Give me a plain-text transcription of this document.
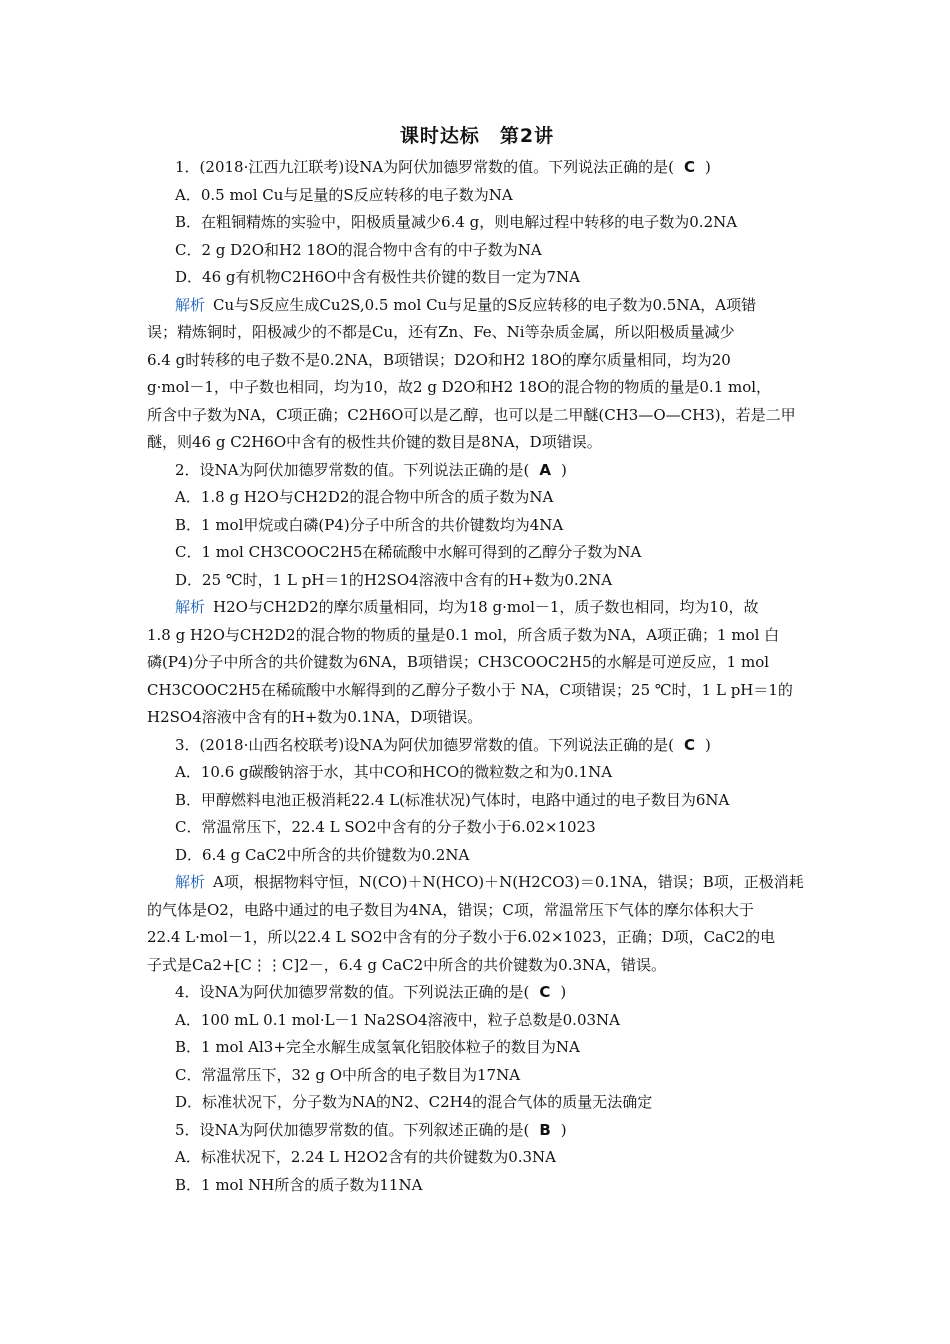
课时达标　第2讲
1．(2018·江西九江联考)设NA为阿伏加德罗常数的值。下列说法正确的是( C )
A．0.5 mol Cu与足量的S反应转移的电子数为NA
B．在粗铜精炼的实验中，阳极质量减少6.4 g，则电解过程中转移的电子数为0.2NA
C．2 g D2O和H2 18O的混合物中含有的中子数为NA
D．46 g有机物C2H6O中含有极性共价键的数目一定为7NA
解析 Cu与S反应生成Cu2S,0.5 mol Cu与足量的S反应转移的电子数为0.5NA，A项错
误；精炼铜时，阳极减少的不都是Cu，还有Zn、Fe、Ni等杂质金属，所以阳极质量减少
6.4 g时转移的电子数不是0.2NA，B项错误；D2O和H2 18O的摩尔质量相同，均为20
g·mol－1，中子数也相同，均为10，故2 g D2O和H2 18O的混合物的物质的量是0.1 mol，
所含中子数为NA，C项正确；C2H6O可以是乙醇，也可以是二甲醚(CH3—O—CH3)，若是二甲
醚，则46 g C2H6O中含有的极性共价键的数目是8NA，D项错误。
2．设NA为阿伏加德罗常数的值。下列说法正确的是( A )
A．1.8 g H2O与CH2D2的混合物中所含的质子数为NA
B．1 mol甲烷或白磷(P4)分子中所含的共价键数均为4NA
C．1 mol CH3COOC2H5在稀硫酸中水解可得到的乙醇分子数为NA
D．25 ℃时，1 L pH＝1的H2SO4溶液中含有的H+数为0.2NA
解析 H2O与CH2D2的摩尔质量相同，均为18 g·mol－1，质子数也相同，均为10，故
1.8 g H2O与CH2D2的混合物的物质的量是0.1 mol，所含质子数为NA，A项正确；1 mol 白
磷(P4)分子中所含的共价键数为6NA，B项错误；CH3COOC2H5的水解是可逆反应，1 mol
CH3COOC2H5在稀硫酸中水解得到的乙醇分子数小于 NA，C项错误；25 ℃时，1 L pH＝1的
H2SO4溶液中含有的H+数为0.1NA，D项错误。
3．(2018·山西名校联考)设NA为阿伏加德罗常数的值。下列说法正确的是( C )
A．10.6 g碳酸钠溶于水，其中CO和HCO的微粒数之和为0.1NA
B．甲醇燃料电池正极消耗22.4 L(标准状况)气体时，电路中通过的电子数目为6NA
C．常温常压下，22.4 L SO2中含有的分子数小于6.02×1023
D．6.4 g CaC2中所含的共价键数为0.2NA
解析 A项，根据物料守恒，N(CO)＋N(HCO)＋N(H2CO3)＝0.1NA，错误；B项，正极消耗
的气体是O2，电路中通过的电子数目为4NA，错误；C项，常温常压下气体的摩尔体积大于
22.4 L·mol－1，所以22.4 L SO2中含有的分子数小于6.02×1023，正确；D项，CaC2的电
子式是Ca2+[C⋮⋮C]2－，6.4 g CaC2中所含的共价键数为0.3NA，错误。
4．设NA为阿伏加德罗常数的值。下列说法正确的是( C )
A．100 mL 0.1 mol·L－1 Na2SO4溶液中，粒子总数是0.03NA
B．1 mol Al3+完全水解生成氢氧化铝胶体粒子的数目为NA
C．常温常压下，32 g O中所含的电子数目为17NA
D．标准状况下，分子数为NA的N2、C2H4的混合气体的质量无法确定
5．设NA为阿伏加德罗常数的值。下列叙述正确的是( B )
A．标准状况下，2.24 L H2O2含有的共价键数为0.3NA
B．1 mol NH所含的质子数为11NA
